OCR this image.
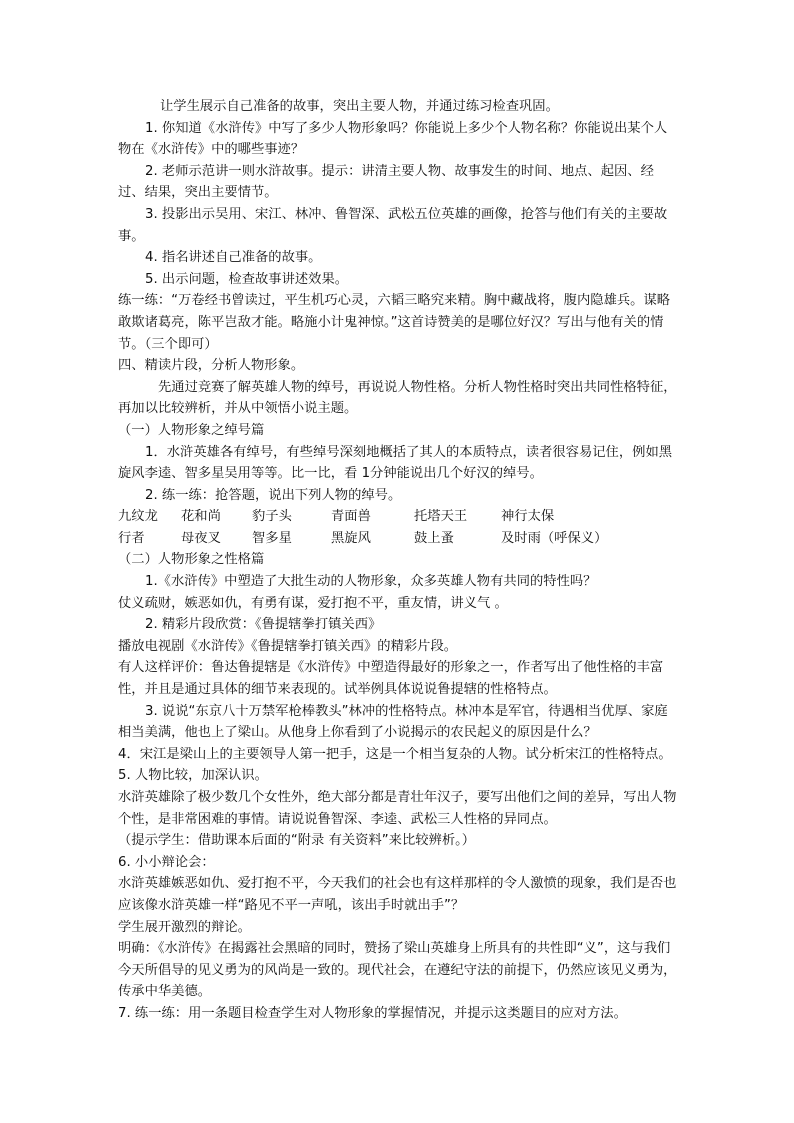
让学生展示自己准备的故事，突出主要人物，并通过练习检查巩固。

1. 你知道《水浒传》中写了多少人物形象吗？你能说上多少个人物名称？你能说出某个人物在《水浒传》中的哪些事迹？

2. 老师示范讲一则水浒故事。提示：讲清主要人物、故事发生的时间、地点、起因、经过、结果，突出主要情节。

3. 投影出示吴用、宋江、林冲、鲁智深、武松五位英雄的画像，抢答与他们有关的主要故事。

4. 指名讲述自己准备的故事。

5. 出示问题，检查故事讲述效果。

练一练：“万卷经书曾读过，平生机巧心灵，六韬三略究来精。胸中藏战将，腹内隐雄兵。谋略敢欺诸葛亮，陈平岂敌才能。略施小计鬼神惊。”这首诗赞美的是哪位好汉？写出与他有关的情节。（三个即可）

四、精读片段，分析人物形象。

先通过竞赛了解英雄人物的绰号，再说说人物性格。分析人物性格时突出共同性格特征，再加以比较辨析，并从中领悟小说主题。

（一）人物形象之绰号篇

1．水浒英雄各有绰号，有些绰号深刻地概括了其人的本质特点，读者很容易记住，例如黑旋风李逵、智多星吴用等等。比一比，看 1分钟能说出几个好汉的绰号。

2. 练一练：抢答题，说出下列人物的绰号。

九纹龙	花和尚	豹子头	青面兽	托塔天王	神行太保
行者	母夜叉	智多星	黑旋风	鼓上蚤	及时雨（呼保义）

（二）人物形象之性格篇

1.《水浒传》中塑造了大批生动的人物形象，众多英雄人物有共同的特性吗？

仗义疏财，嫉恶如仇，有勇有谋，爱打抱不平，重友情，讲义气 。

2. 精彩片段欣赏：《鲁提辖拳打镇关西》

播放电视剧《水浒传》《鲁提辖拳打镇关西》的精彩片段。

有人这样评价：鲁达鲁提辖是《水浒传》中塑造得最好的形象之一，作者写出了他性格的丰富性，并且是通过具体的细节来表现的。试举例具体说说鲁提辖的性格特点。

3. 说说“东京八十万禁军枪棒教头”林冲的性格特点。林冲本是军官，待遇相当优厚、家庭相当美满，他也上了梁山。从他身上你看到了小说揭示的农民起义的原因是什么？

4．宋江是梁山上的主要领导人第一把手，这是一个相当复杂的人物。试分析宋江的性格特点。

5. 人物比较，加深认识。

水浒英雄除了极少数几个女性外，绝大部分都是青壮年汉子，要写出他们之间的差异，写出人物个性，是非常困难的事情。请说说鲁智深、李逵、武松三人性格的异同点。

（提示学生：借助课本后面的“附录 有关资料”来比较辨析。）

6. 小小辩论会：

水浒英雄嫉恶如仇、爱打抱不平，今天我们的社会也有这样那样的令人激愤的现象，我们是否也应该像水浒英雄一样“路见不平一声吼，该出手时就出手”？

学生展开激烈的辩论。

明确：《水浒传》在揭露社会黑暗的同时，赞扬了梁山英雄身上所具有的共性即“义”，这与我们今天所倡导的见义勇为的风尚是一致的。现代社会，在遵纪守法的前提下，仍然应该见义勇为，传承中华美德。

7. 练一练：用一条题目检查学生对人物形象的掌握情况，并提示这类题目的应对方法。
